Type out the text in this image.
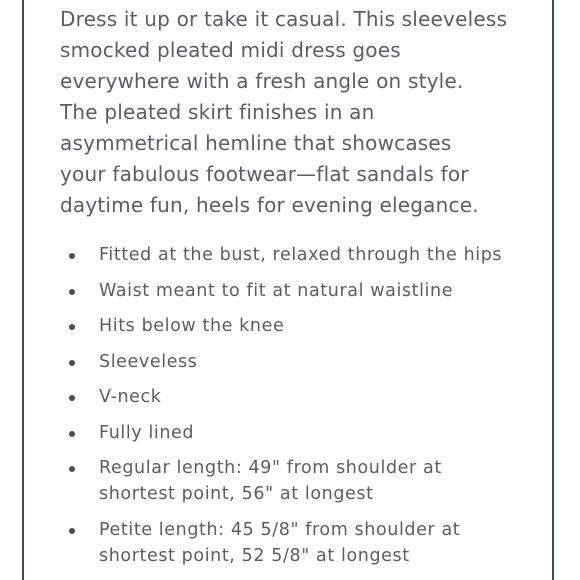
Dress it up or take it casual. This sleeveless
smocked pleated midi dress goes
everywhere with a fresh angle on style.
The pleated skirt finishes in an
asymmetrical hemline that showcases
your fabulous footwear—flat sandals for
daytime fun, heels for evening elegance.

Fitted at the bust, relaxed through the hips
Waist meant to fit at natural waistline
Hits below the knee
Sleeveless
V-neck
Fully lined
Regular length: 49" from shoulder at
shortest point, 56" at longest
Petite length: 45 5/8" from shoulder at
shortest point, 52 5/8" at longest
